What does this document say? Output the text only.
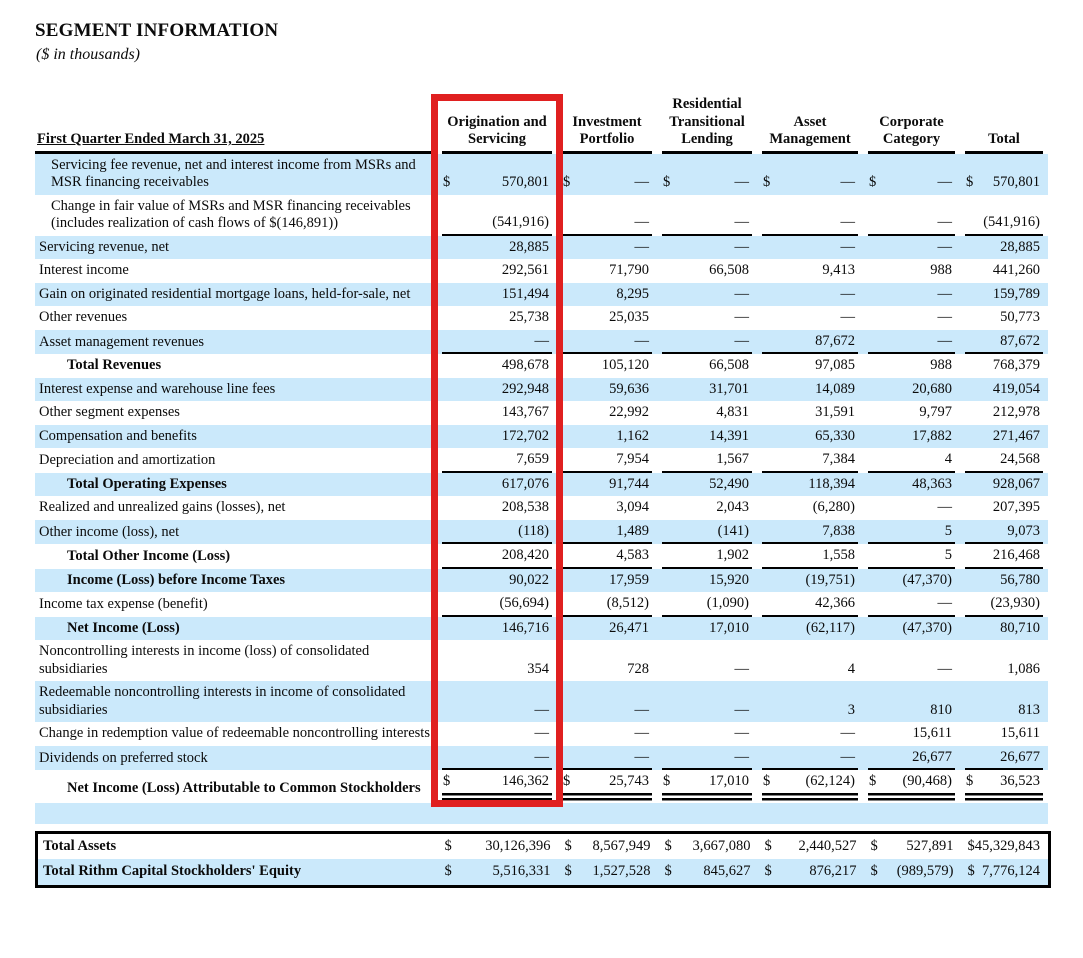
SEGMENT INFORMATION
($ in thousands)
First Quarter Ended March 31, 2025	Origination and Servicing	Investment Portfolio	Residential Transitional Lending	Asset Management	Corporate Category	Total
Servicing fee revenue, net and interest income from MSRs and MSR financing receivables	$ 570,801	$ —	$ —	$ —	$ —	$ 570,801

Change in fair value of MSRs and MSR financing receivables (includes realization of cash flows of $(146,891))	(541,916)	—	—	—	—	(541,916)

Servicing revenue, net	28,885	—	—	—	—	28,885

Interest income	292,561	71,790	66,508	9,413	988	441,260

Gain on originated residential mortgage loans, held-for-sale, net	151,494	8,295	—	—	—	159,789

Other revenues	25,738	25,035	—	—	—	50,773

Asset management revenues	—	—	—	87,672	—	87,672

Total Revenues	498,678	105,120	66,508	97,085	988	768,379

Interest expense and warehouse line fees	292,948	59,636	31,701	14,089	20,680	419,054

Other segment expenses	143,767	22,992	4,831	31,591	9,797	212,978

Compensation and benefits	172,702	1,162	14,391	65,330	17,882	271,467

Depreciation and amortization	7,659	7,954	1,567	7,384	4	24,568

Total Operating Expenses	617,076	91,744	52,490	118,394	48,363	928,067

Realized and unrealized gains (losses), net	208,538	3,094	2,043	(6,280)	—	207,395

Other income (loss), net	(118)	1,489	(141)	7,838	5	9,073

Total Other Income (Loss)	208,420	4,583	1,902	1,558	5	216,468

Income (Loss) before Income Taxes	90,022	17,959	15,920	(19,751)	(47,370)	56,780

Income tax expense (benefit)	(56,694)	(8,512)	(1,090)	42,366	—	(23,930)

Net Income (Loss)	146,716	26,471	17,010	(62,117)	(47,370)	80,710

Noncontrolling interests in income (loss) of consolidated subsidiaries	354	728	—	4	—	1,086

Redeemable noncontrolling interests in income of consolidated subsidiaries	—	—	—	3	810	813

Change in redemption value of redeemable noncontrolling interests	—	—	—	—	15,611	15,611

Dividends on preferred stock	—	—	—	—	26,677	26,677

Net Income (Loss) Attributable to Common Stockholders	$ 146,362	$ 25,743	$ 17,010	$ (62,124)	$ (90,468)	$ 36,523
Total Assets	$ 30,126,396	$ 8,567,949	$ 3,667,080	$ 2,440,527	$ 527,891	$ 45,329,843

Total Rithm Capital Stockholders' Equity	$ 5,516,331	$ 1,527,528	$ 845,627	$ 876,217	$ (989,579)	$ 7,776,124
